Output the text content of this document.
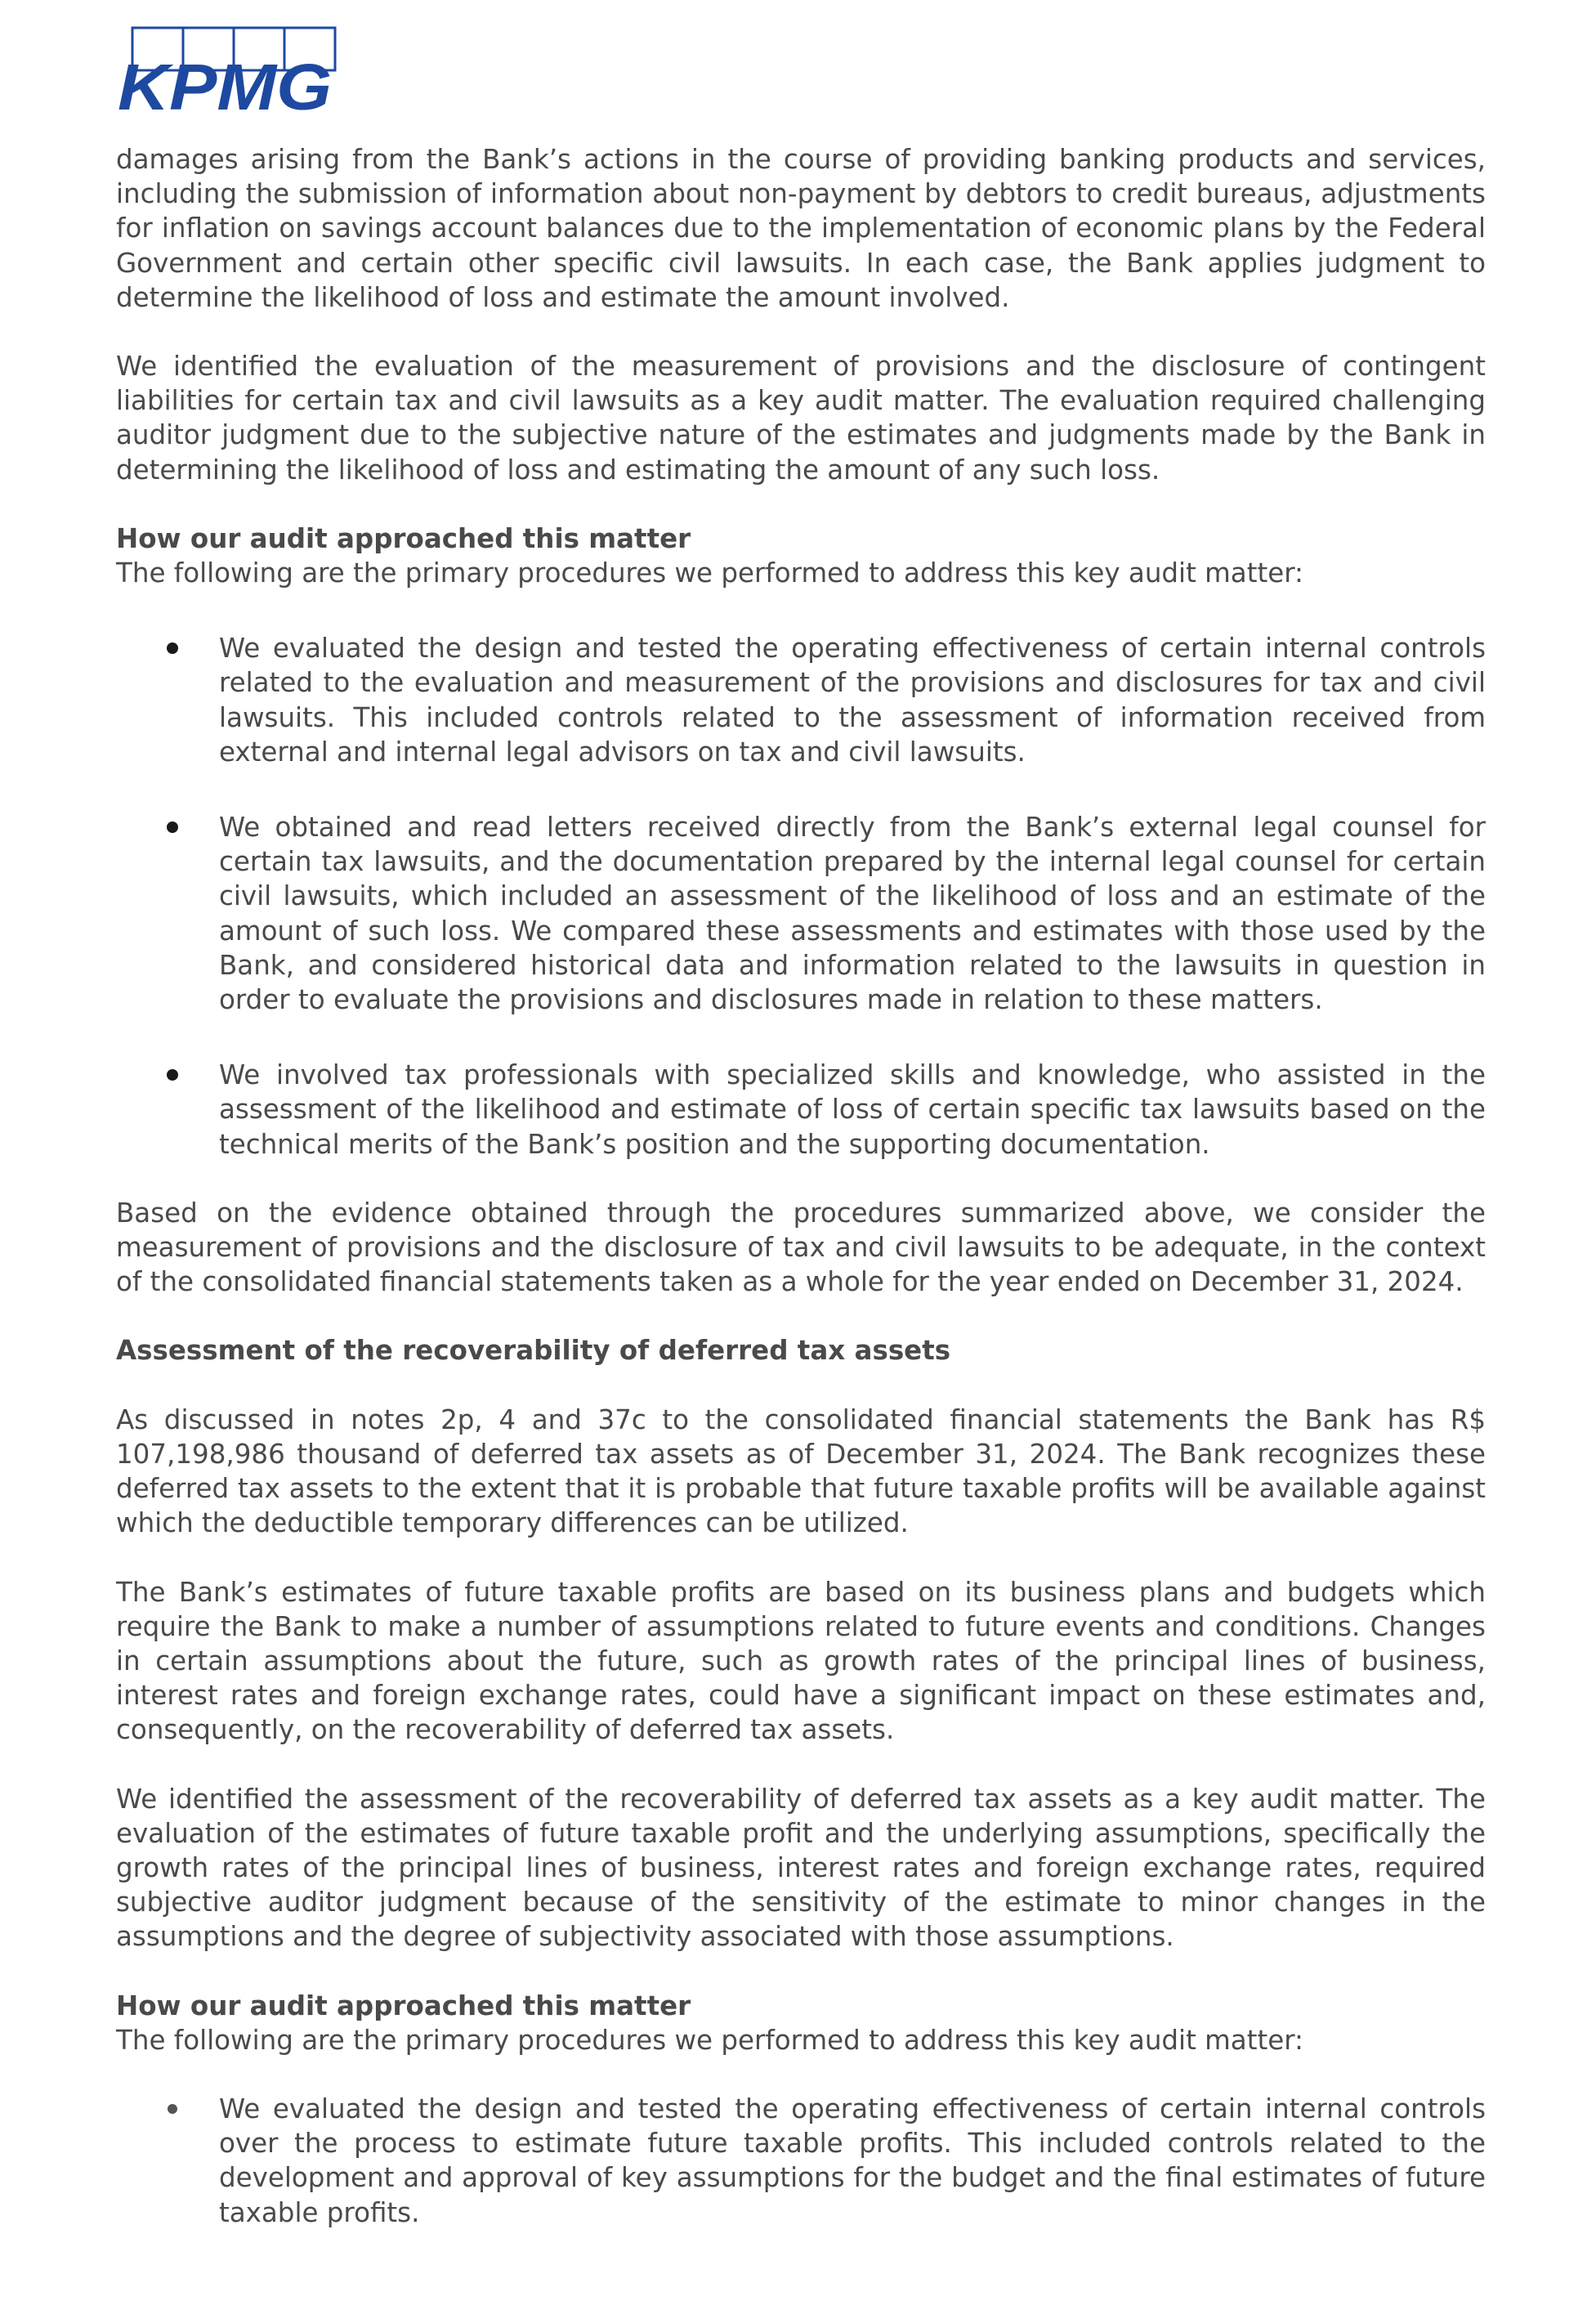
KPMG

damages arising from the Bank’s actions in the course of providing banking products and services, including the submission of information about non-payment by debtors to credit bureaus, adjustments for inflation on savings account balances due to the implementation of economic plans by the Federal Government and certain other specific civil lawsuits. In each case, the Bank applies judgment to determine the likelihood of loss and estimate the amount involved.

We identified the evaluation of the measurement of provisions and the disclosure of contingent liabilities for certain tax and civil lawsuits as a key audit matter. The evaluation required challenging auditor judgment due to the subjective nature of the estimates and judgments made by the Bank in determining the likelihood of loss and estimating the amount of any such loss.

How our audit approached this matter

The following are the primary procedures we performed to address this key audit matter:

We evaluated the design and tested the operating effectiveness of certain internal controls related to the evaluation and measurement of the provisions and disclosures for tax and civil lawsuits. This included controls related to the assessment of information received from external and internal legal advisors on tax and civil lawsuits.
We obtained and read letters received directly from the Bank’s external legal counsel for certain tax lawsuits, and the documentation prepared by the internal legal counsel for certain civil lawsuits, which included an assessment of the likelihood of loss and an estimate of the amount of such loss. We compared these assessments and estimates with those used by the Bank, and considered historical data and information related to the lawsuits in question in order to evaluate the provisions and disclosures made in relation to these matters.
We involved tax professionals with specialized skills and knowledge, who assisted in the assessment of the likelihood and estimate of loss of certain specific tax lawsuits based on the technical merits of the Bank’s position and the supporting documentation.

Based on the evidence obtained through the procedures summarized above, we consider the measurement of provisions and the disclosure of tax and civil lawsuits to be adequate, in the context of the consolidated financial statements taken as a whole for the year ended on December 31, 2024.

Assessment of the recoverability of deferred tax assets

As discussed in notes 2p, 4 and 37c to the consolidated financial statements the Bank has R$ 107,198,986 thousand of deferred tax assets as of December 31, 2024. The Bank recognizes these deferred tax assets to the extent that it is probable that future taxable profits will be available against which the deductible temporary differences can be utilized.

The Bank’s estimates of future taxable profits are based on its business plans and budgets which require the Bank to make a number of assumptions related to future events and conditions. Changes in certain assumptions about the future, such as growth rates of the principal lines of business, interest rates and foreign exchange rates, could have a significant impact on these estimates and, consequently, on the recoverability of deferred tax assets.

We identified the assessment of the recoverability of deferred tax assets as a key audit matter. The evaluation of the estimates of future taxable profit and the underlying assumptions, specifically the growth rates of the principal lines of business, interest rates and foreign exchange rates, required subjective auditor judgment because of the sensitivity of the estimate to minor changes in the assumptions and the degree of subjectivity associated with those assumptions.

How our audit approached this matter

The following are the primary procedures we performed to address this key audit matter:

We evaluated the design and tested the operating effectiveness of certain internal controls over the process to estimate future taxable profits. This included controls related to the development and approval of key assumptions for the budget and the final estimates of future taxable profits.
